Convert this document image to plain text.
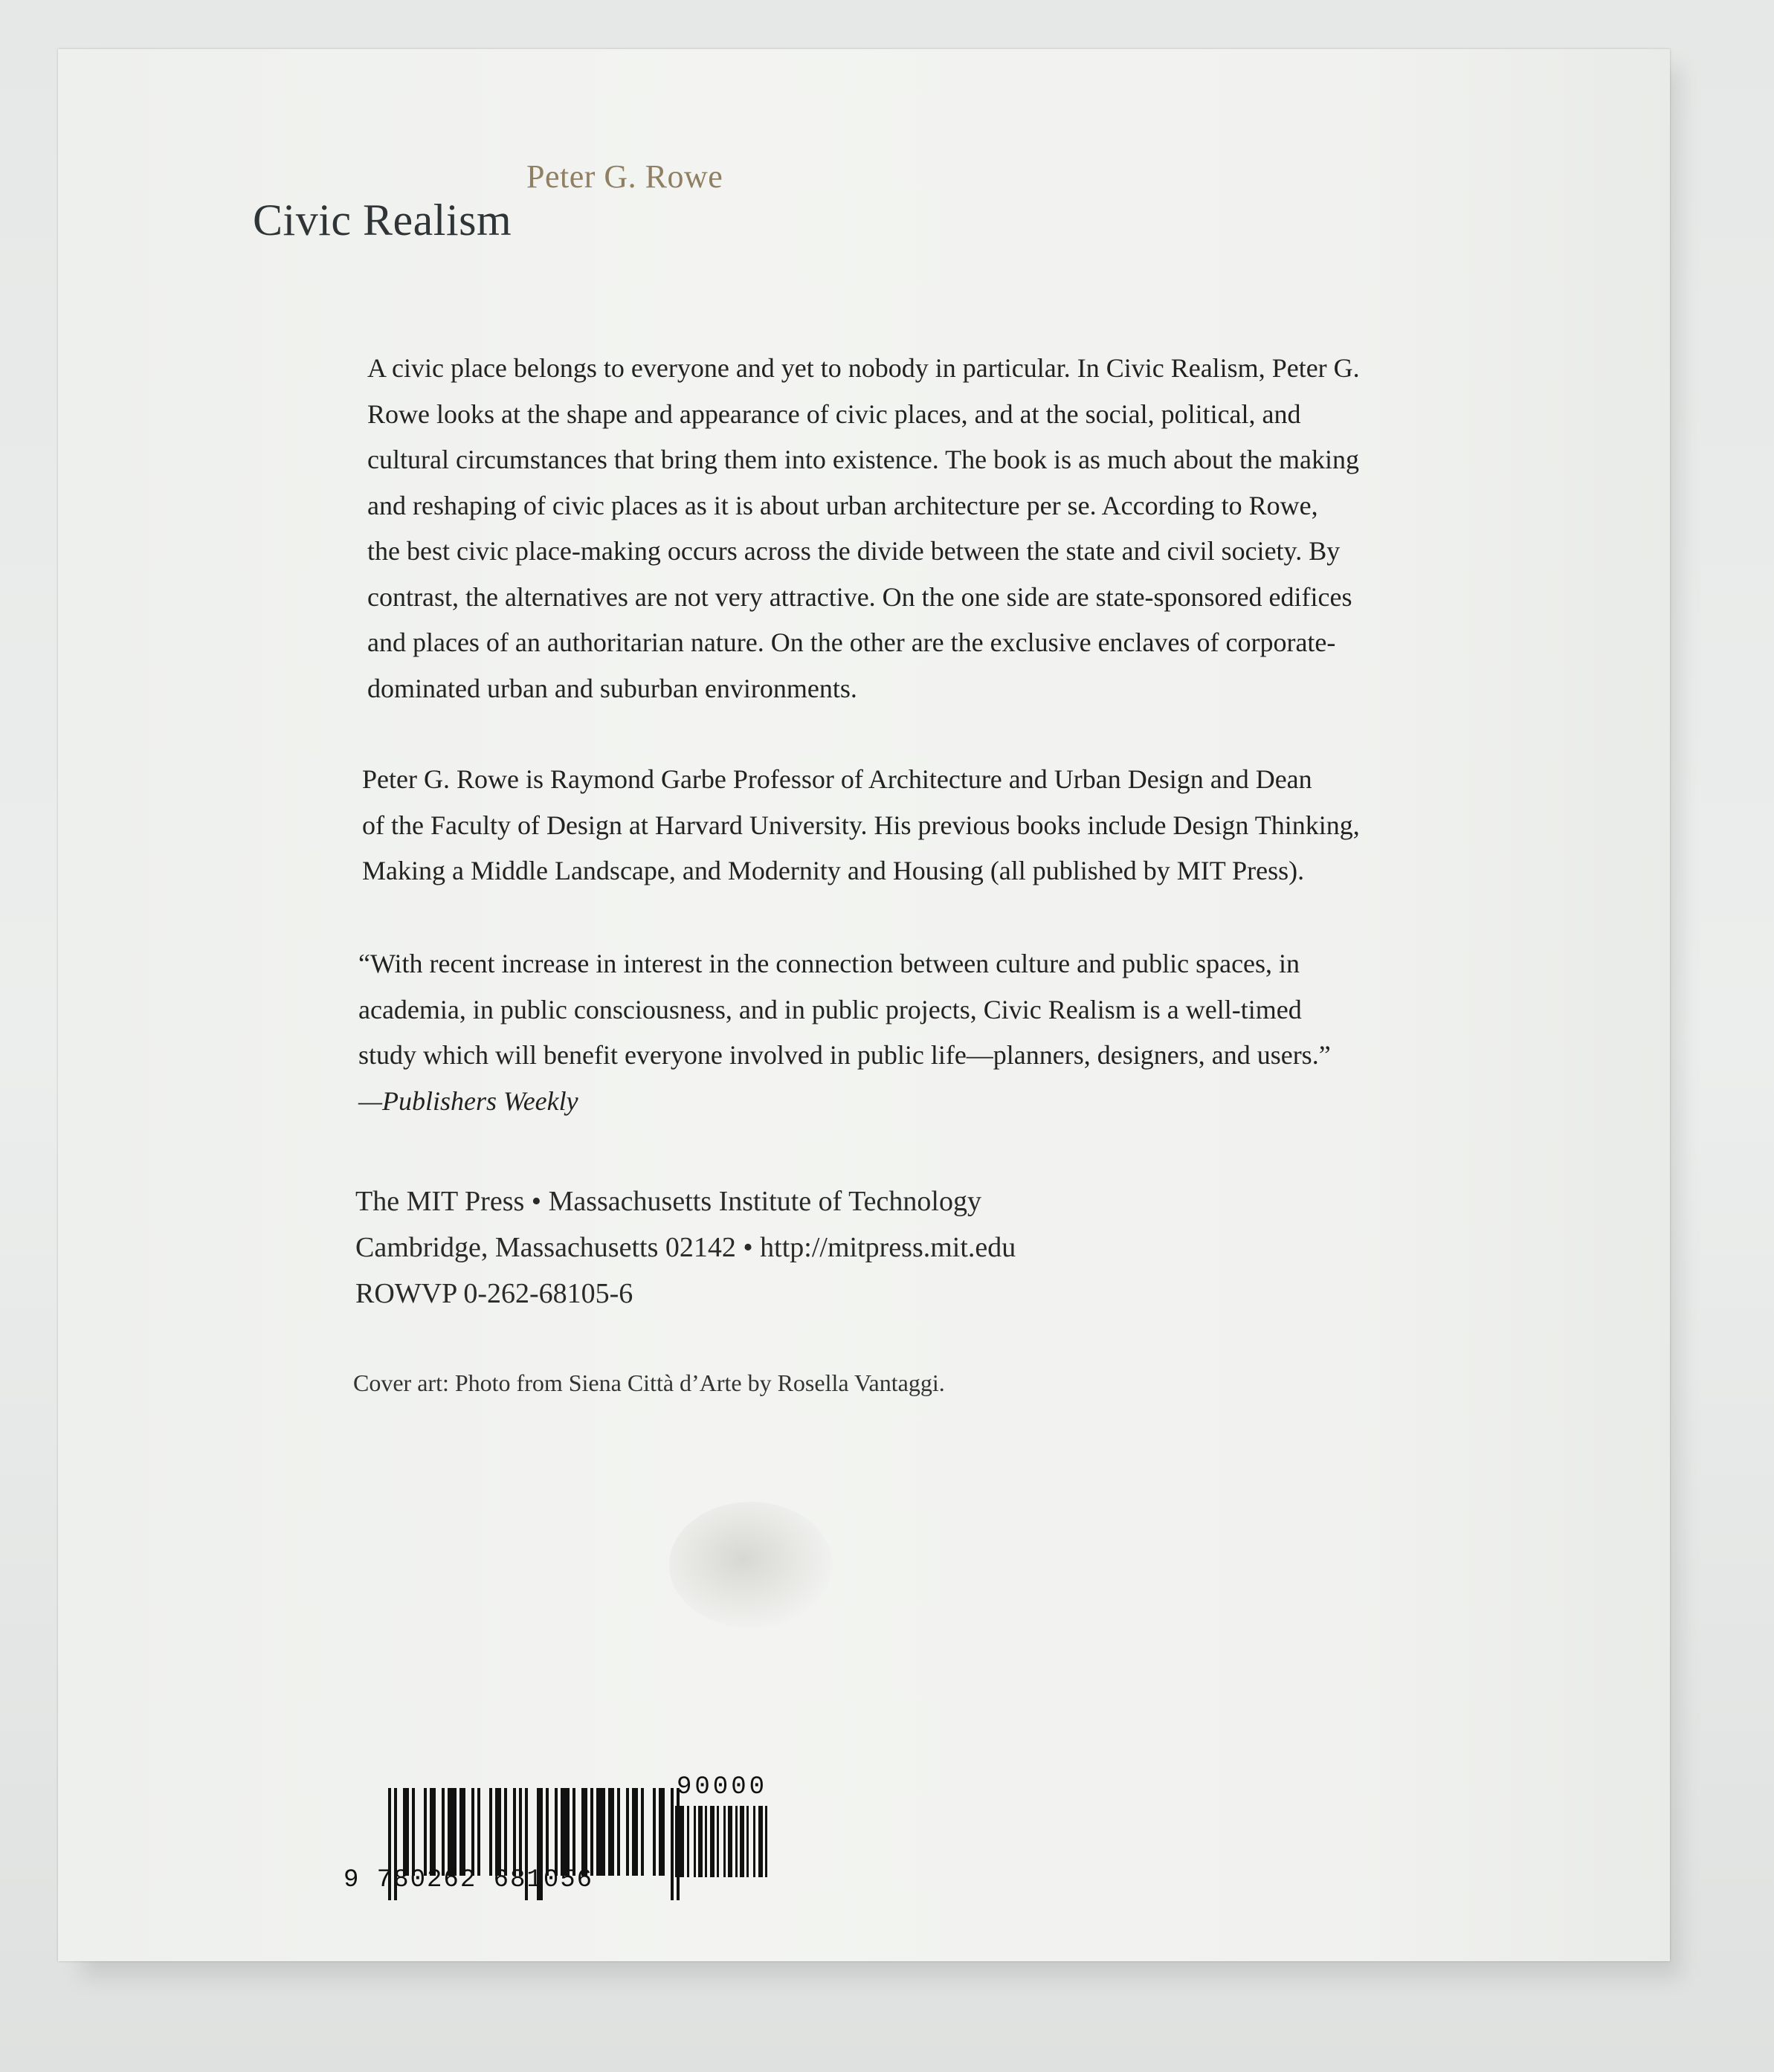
Peter G. Rowe
Civic Realism
A civic place belongs to everyone and yet to nobody in particular. In Civic Realism, Peter G.
Rowe looks at the shape and appearance of civic places, and at the social, political, and
cultural circumstances that bring them into existence. The book is as much about the making
and reshaping of civic places as it is about urban architecture per se. According to Rowe,
the best civic place-making occurs across the divide between the state and civil society. By
contrast, the alternatives are not very attractive. On the one side are state-sponsored edifices
and places of an authoritarian nature. On the other are the exclusive enclaves of corporate-
dominated urban and suburban environments.
Peter G. Rowe is Raymond Garbe Professor of Architecture and Urban Design and Dean
of the Faculty of Design at Harvard University. His previous books include Design Thinking,
Making a Middle Landscape, and Modernity and Housing (all published by MIT Press).
“With recent increase in interest in the connection between culture and public spaces, in
academia, in public consciousness, and in public projects, Civic Realism is a well-timed
study which will benefit everyone involved in public life—planners, designers, and users.”
—Publishers Weekly
The MIT Press • Massachusetts Institute of Technology
Cambridge, Massachusetts 02142 • http://mitpress.mit.edu
ROWVP 0-262-68105-6
Cover art: Photo from Siena Città d’Arte by Rosella Vantaggi.
9 780262 681056
90000
